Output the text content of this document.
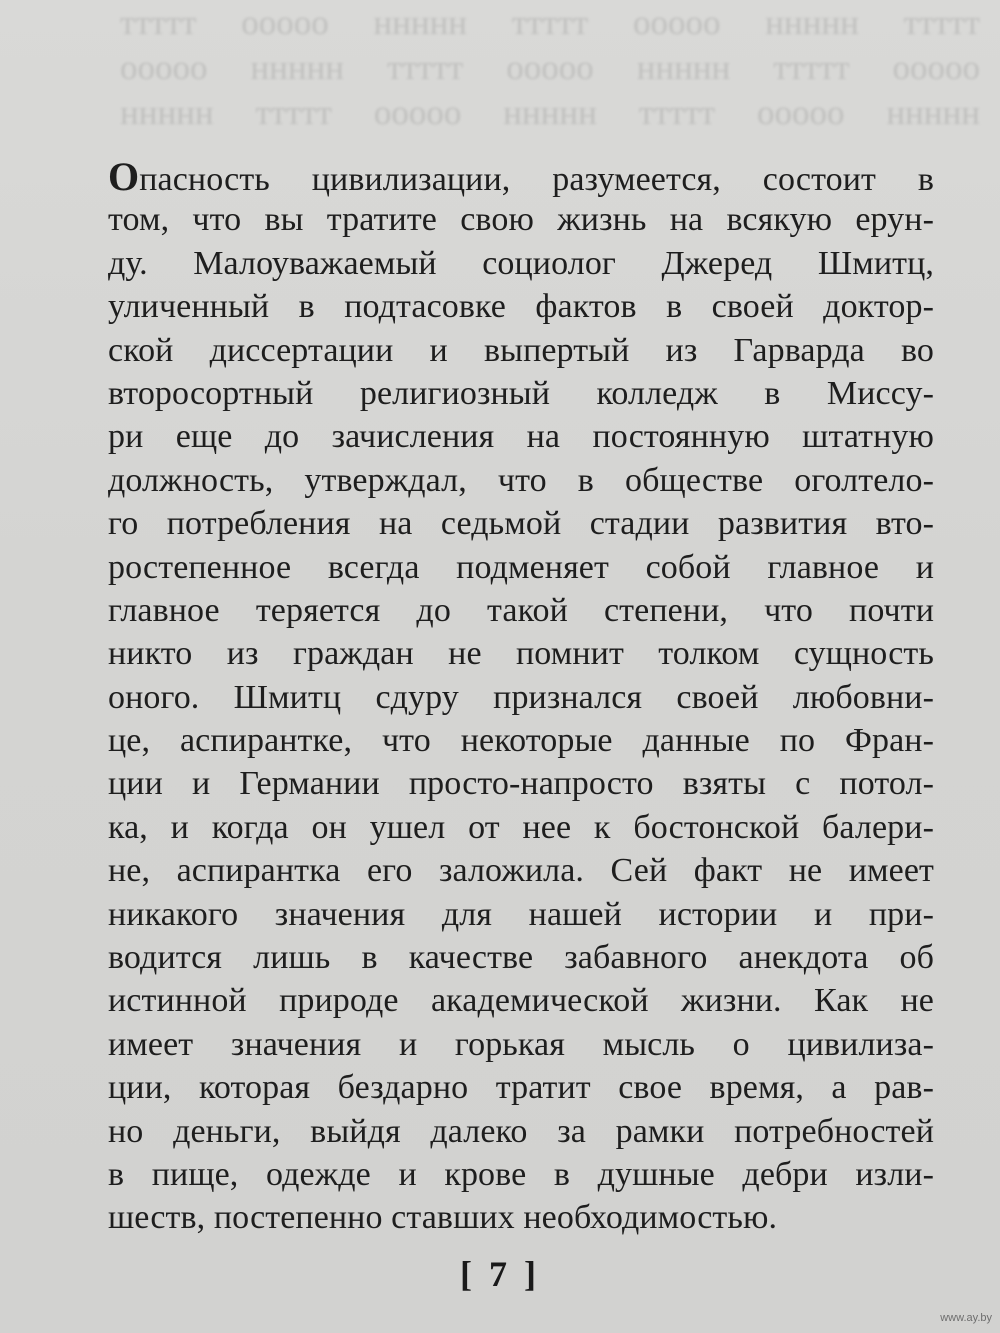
ттттт ннннн ооооо ттттт ннннн ооооо ттттт
ооооо ттттт ннннн ооооо ттттт ннннн ооооо
ннннн ооооо ттттт ннннн ооооо ттттт ннннн
Опасность цивилизации, разумеется, состоит в
том, что вы тратите свою жизнь на всякую ерун-
ду. Малоуважаемый социолог Джеред Шмитц,
уличенный в подтасовке фактов в своей доктор-
ской диссертации и выпертый из Гарварда во
второсортный религиозный колледж в Миссу-
ри еще до зачисления на постоянную штатную
должность, утверждал, что в обществе оголтело-
го потребления на седьмой стадии развития вто-
ростепенное всегда подменяет собой главное и
главное теряется до такой степени, что почти
никто из граждан не помнит толком сущность
оного. Шмитц сдуру признался своей любовни-
це, аспирантке, что некоторые данные по Фран-
ции и Германии просто-напросто взяты с потол-
ка, и когда он ушел от нее к бостонской балери-
не, аспирантка его заложила. Сей факт не имеет
никакого значения для нашей истории и при-
водится лишь в качестве забавного анекдота об
истинной природе академической жизни. Как не
имеет значения и горькая мысль о цивилиза-
ции, которая бездарно тратит свое время, а рав-
но деньги, выйдя далеко за рамки потребностей
в пище, одежде и крове в душные дебри изли-
шеств, постепенно ставших необходимостью.
[ 7 ]
www.ay.by
